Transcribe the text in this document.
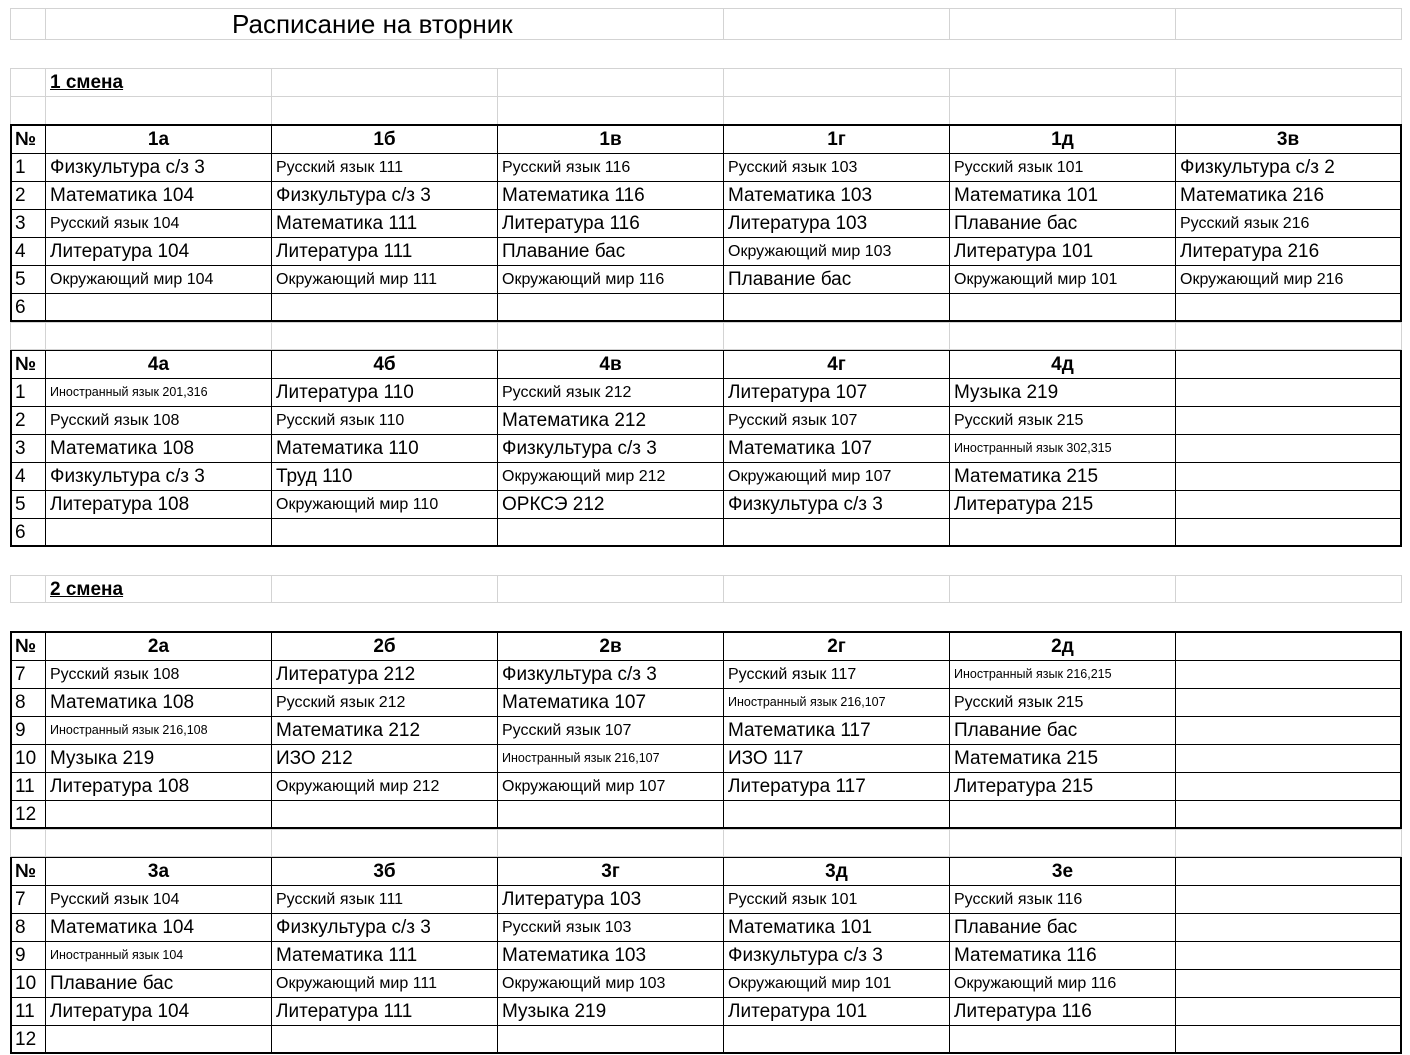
Расписание на вторник
1 смена
№	1а	1б	1в	1г	1д	3в
1	Физкультура с/з 3	Русский язык 111	Русский язык 116	Русский язык 103	Русский язык 101	Физкультура с/з 2
2	Математика 104	Физкультура с/з 3	Математика 116	Математика 103	Математика 101	Математика 216
3	Русский язык 104	Математика 111	Литература 116	Литература 103	Плавание бас	Русский язык 216
4	Литература 104	Литература 111	Плавание бас	Окружающий мир 103	Литература 101	Литература 216
5	Окружающий мир 104	Окружающий мир 111	Окружающий мир 116	Плавание бас	Окружающий мир 101	Окружающий мир 216
6
№	4а	4б	4в	4г	4д
1	Иностранный язык 201,316	Литература 110	Русский язык 212	Литература 107	Музыка 219
2	Русский язык 108	Русский язык 110	Математика 212	Русский язык 107	Русский язык 215
3	Математика 108	Математика 110	Физкультура с/з 3	Математика 107	Иностранный язык 302,315
4	Физкультура с/з 3	Труд 110	Окружающий мир 212	Окружающий мир 107	Математика 215
5	Литература 108	Окружающий мир 110	ОРКСЭ 212	Физкультура с/з 3	Литература 215
6
2 смена
№	2а	2б	2в	2г	2д
7	Русский язык 108	Литература 212	Физкультура с/з 3	Русский язык 117	Иностранный язык 216,215
8	Математика 108	Русский язык 212	Математика 107	Иностранный язык 216,107	Русский язык 215
9	Иностранный язык 216,108	Математика 212	Русский язык 107	Математика 117	Плавание бас
10 Музыка 219	ИЗО 212	Иностранный язык 216,107	ИЗО 117	Математика 215
11 Литература 108	Окружающий мир 212	Окружающий мир 107	Литература 117	Литература 215
12
№	3а	3б	3г	3д	3е
7	Русский язык 104	Русский язык 111	Литература 103	Русский язык 101	Русский язык 116
8	Математика 104	Физкультура с/з 3	Русский язык 103	Математика 101	Плавание бас
9	Иностранный язык 104	Математика 111	Математика 103	Физкультура с/з 3	Математика 116
10 Плавание бас	Окружающий мир 111	Окружающий мир 103	Окружающий мир 101	Окружающий мир 116
11 Литература 104	Литература 111	Музыка 219	Литература 101	Литература 116
12
